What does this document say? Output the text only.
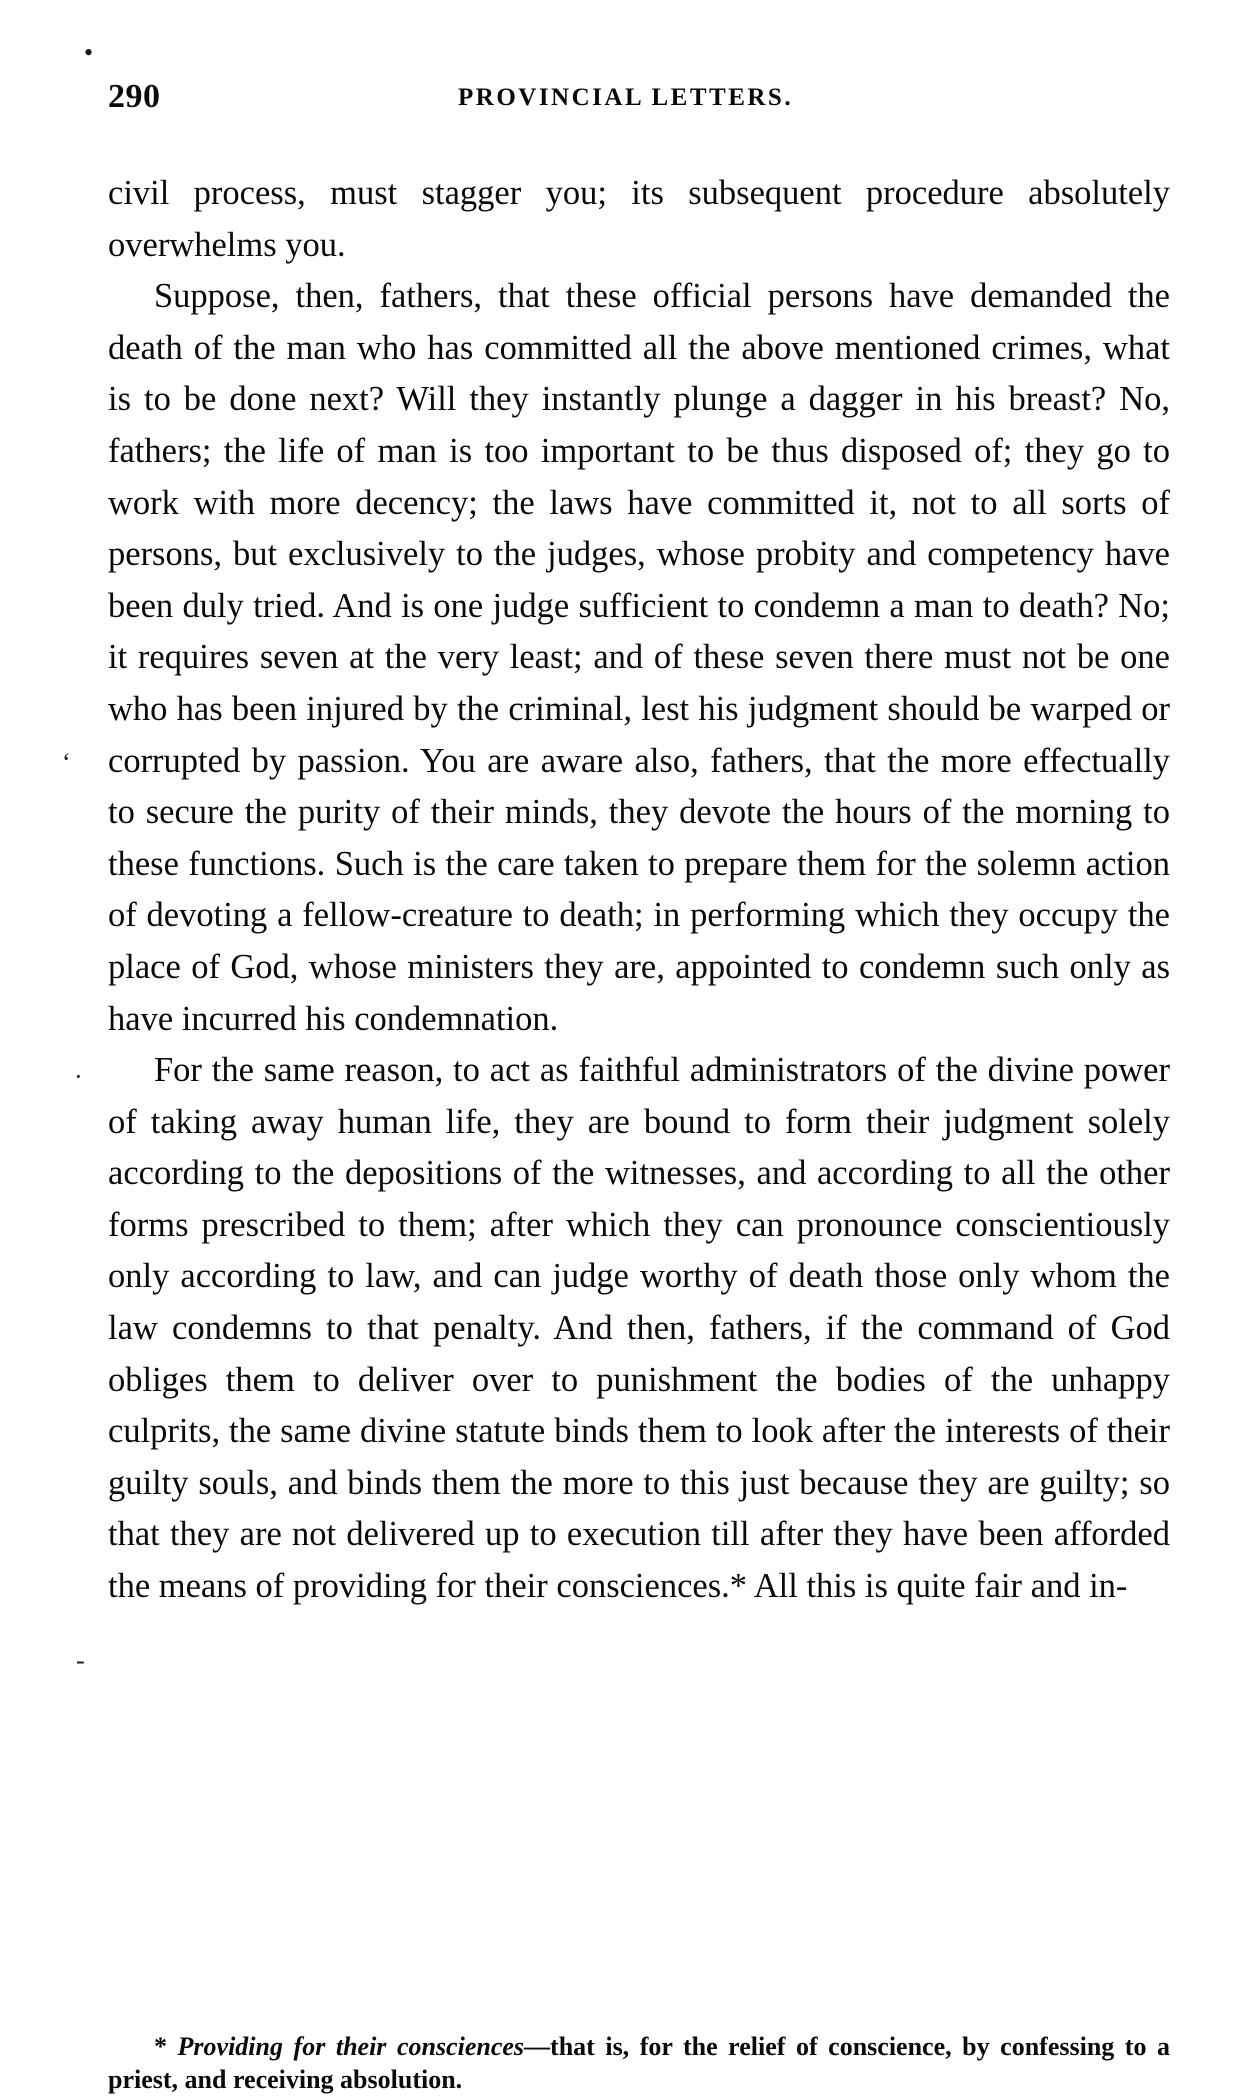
•
290	PROVINCIAL LETTERS.
‘
·
-

civil process, must stagger you; its subsequent procedure absolutely overwhelms you.

Suppose, then, fathers, that these official persons have demanded the death of the man who has committed all the above mentioned crimes, what is to be done next? Will they instantly plunge a dagger in his breast? No, fathers; the life of man is too important to be thus disposed of; they go to work with more decency; the laws have committed it, not to all sorts of persons, but exclusively to the judges, whose probity and competency have been duly tried. And is one judge sufficient to condemn a man to death? No; it requires seven at the very least; and of these seven there must not be one who has been injured by the criminal, lest his judgment should be warped or corrupted by passion. You are aware also, fathers, that the more effectually to secure the purity of their minds, they devote the hours of the morning to these functions. Such is the care taken to prepare them for the solemn action of devoting a fellow-creature to death; in performing which they occupy the place of God, whose ministers they are, appointed to condemn such only as have incurred his condemnation.

For the same reason, to act as faithful administrators of the divine power of taking away human life, they are bound to form their judgment solely according to the depositions of the witnesses, and according to all the other forms prescribed to them; after which they can pronounce conscientiously only according to law, and can judge worthy of death those only whom the law condemns to that penalty. And then, fathers, if the command of God obliges them to deliver over to punishment the bodies of the unhappy culprits, the same divine statute binds them to look after the interests of their guilty souls, and binds them the more to this just because they are guilty; so that they are not delivered up to execution till after they have been afforded the means of providing for their consciences.* All this is quite fair and in-

* Providing for their consciences—that is, for the relief of conscience, by confessing to a priest, and receiving absolution.
